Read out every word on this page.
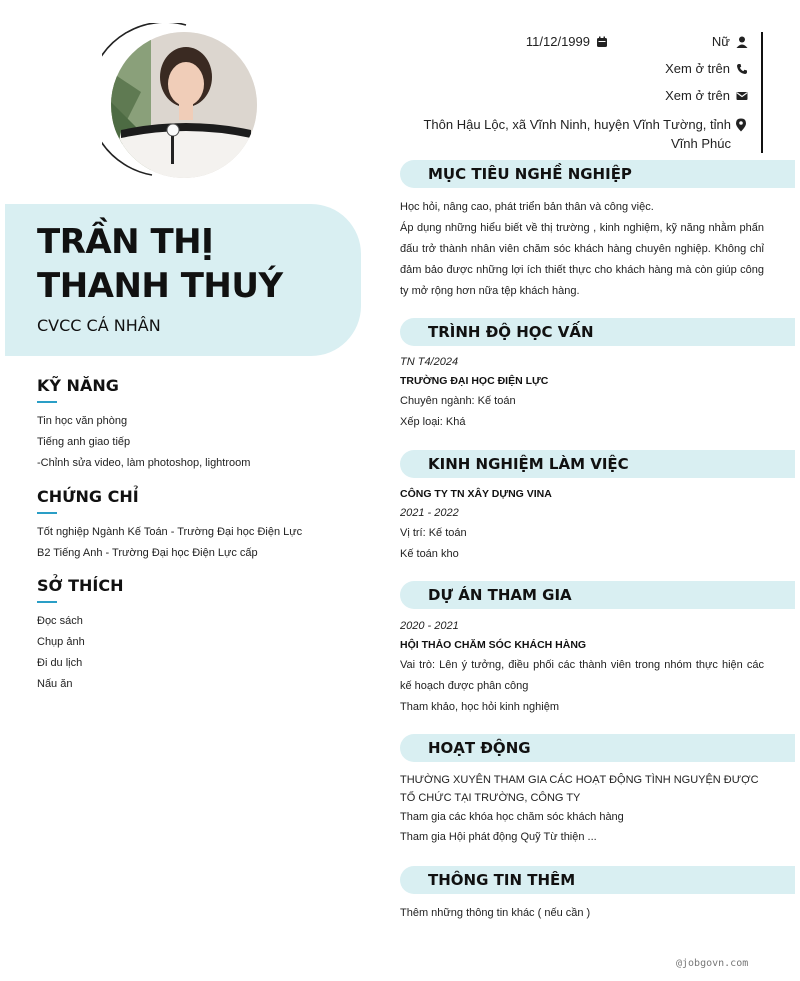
TRẦN THỊ THANH THUÝ
CVCC CÁ NHÂN
KỸ NĂNG
Tin học văn phòng
Tiếng anh giao tiếp
-Chỉnh sửa video, làm photoshop, lightroom
CHỨNG CHỈ
Tốt nghiệp Ngành Kế Toán - Trường Đại học Điện Lực
B2 Tiếng Anh - Trường Đại học Điện Lực cấp
SỞ THÍCH
Đọc sách
Chụp ảnh
Đi du lịch
Nấu ăn
11/12/1999	Nữ
Xem ở trên
Xem ở trên
Thôn Hậu Lộc, xã Vĩnh Ninh, huyện Vĩnh Tường, tỉnh Vĩnh Phúc
MỤC TIÊU NGHỀ NGHIỆP
Học hỏi, nâng cao, phát triển bản thân và công việc.
Áp dụng những hiểu biết về thị trường , kinh nghiệm, kỹ năng nhằm phấn đấu trở thành nhân viên chăm sóc khách hàng chuyên nghiệp. Không chỉ đảm bảo được những lợi ích thiết thực cho khách hàng mà còn giúp công ty mở rộng hơn nữa tệp khách hàng.
TRÌNH ĐỘ HỌC VẤN
TN T4/2024
TRƯỜNG ĐẠI HỌC ĐIỆN LỰC
Chuyên ngành: Kế toán
Xếp loại: Khá
KINH NGHIỆM LÀM VIỆC
CÔNG TY TN XÂY DỰNG VINA
2021 - 2022
Vị trí: Kế toán
Kế toán kho
DỰ ÁN THAM GIA
2020 - 2021
HỘI THẢO CHĂM SÓC KHÁCH HÀNG
Vai trò: Lên ý tưởng, điều phối các thành viên trong nhóm thực hiện các kế hoạch được phân công
Tham khảo, học hỏi kinh nghiệm
HOẠT ĐỘNG
THƯỜNG XUYÊN THAM GIA CÁC HOẠT ĐỘNG TÌNH NGUYỆN ĐƯỢC TỔ CHỨC TẠI TRƯỜNG, CÔNG TY
Tham gia các khóa học chăm sóc khách hàng
Tham gia Hội phát động Quỹ Từ thiện ...
THÔNG TIN THÊM
Thêm những thông tin khác ( nếu cần )
@jobgovn.com
